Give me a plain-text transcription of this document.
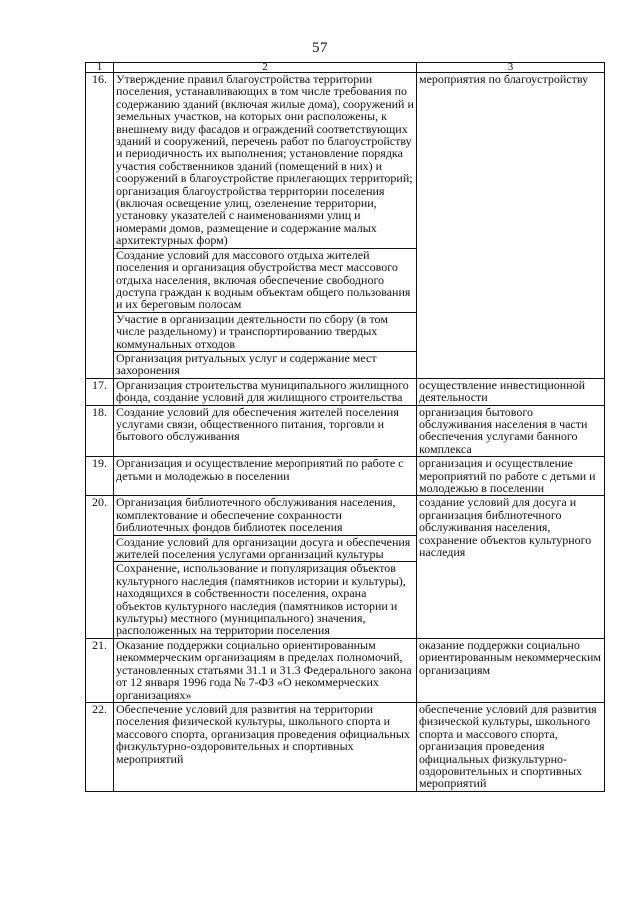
57
1	2	3
16.	Утверждение правил благоустройства территории поселения, устанавливающих в том числе требования по содержанию зданий (включая жилые дома), сооружений и земельных участков, на которых они расположены, к внешнему виду фасадов и ограждений соответствующих зданий и сооружений, перечень работ по благоустройству и периодичность их выполнения; установление порядка участия собственников зданий (помещений в них) и сооружений в благоустройстве прилегающих территорий; организация благоустройства территории поселения (включая освещение улиц, озеленение территории, установку указателей с наименованиями улиц и номерами домов, размещение и содержание малых архитектурных форм)	мероприятия по благоустройству
	Создание условий для массового отдыха жителей поселения и организация обустройства мест массового отдыха населения, включая обеспечение свободного доступа граждан к водным объектам общего пользования и их береговым полосам	
	Участие в организации деятельности по сбору (в том числе раздельному) и транспортированию твердых коммунальных отходов	
	Организация ритуальных услуг и содержание мест захоронения	
17.	Организация строительства муниципального жилищного фонда, создание условий для жилищного строительства	осуществление инвестиционной деятельности
18.	Создание условий для обеспечения жителей поселения услугами связи, общественного питания, торговли и бытового обслуживания	организация бытового обслуживания населения в части обеспечения услугами банного комплекса
19.	Организация и осуществление мероприятий по работе с детьми и молодежью в поселении	организация и осуществление мероприятий по работе с детьми и молодежью в поселении
20.	Организация библиотечного обслуживания населения, комплектование и обеспечение сохранности библиотечных фондов библиотек поселения	создание условий для досуга и организация библиотечного обслуживания населения, сохранение объектов культурного наследия
	Создание условий для организации досуга и обеспечения жителей поселения услугами организаций культуры	
	Сохранение, использование и популяризация объектов культурного наследия (памятников истории и культуры), находящихся в собственности поселения, охрана объектов культурного наследия (памятников истории и культуры) местного (муниципального) значения, расположенных на территории поселения	
21.	Оказание поддержки социально ориентированным некоммерческим организациям в пределах полномочий, установленных статьями 31.1 и 31.3 Федерального закона от 12 января 1996 года № 7-ФЗ «О некоммерческих организациях»	оказание поддержки социально ориентированным некоммерческим организациям
22.	Обеспечение условий для развития на территории поселения физической культуры, школьного спорта и массового спорта, организация проведения официальных физкультурно-оздоровительных и спортивных мероприятий	обеспечение условий для развития физической культуры, школьного спорта и массового спорта, организация проведения официальных физкультурно-оздоровительных и спортивных мероприятий
